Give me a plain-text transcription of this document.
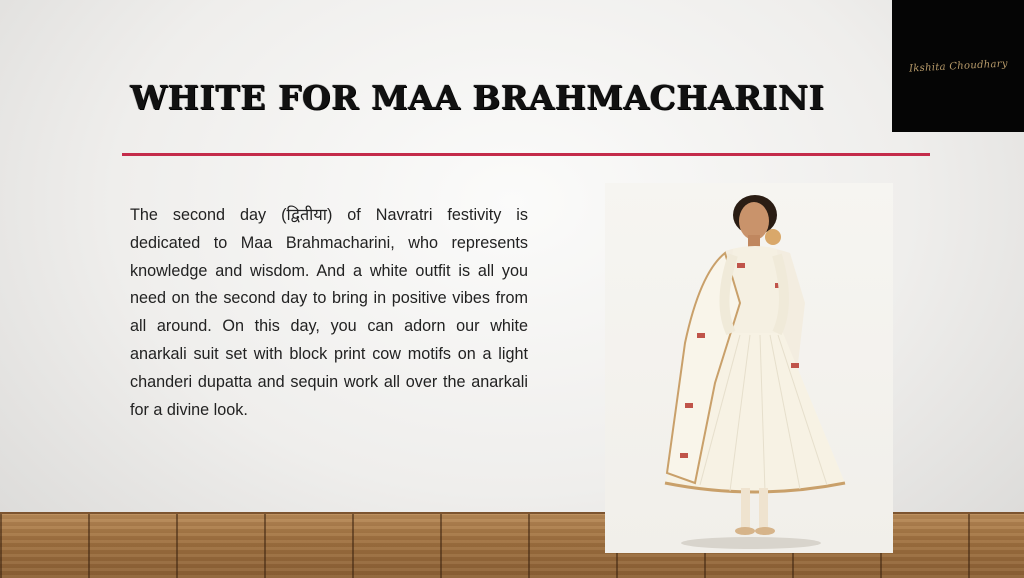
Ikshita Choudhary
WHITE FOR MAA BRAHMACHARINI

The second day (द्वितीया) of Navratri festivity is dedicated to Maa Brahmacharini, who represents knowledge and wisdom. And a white outfit is all you need on the second day to bring in positive vibes from all around. On this day, you can adorn our white anarkali suit set with block print cow motifs on a light chanderi dupatta and sequin work all over the anarkali for a divine look.
